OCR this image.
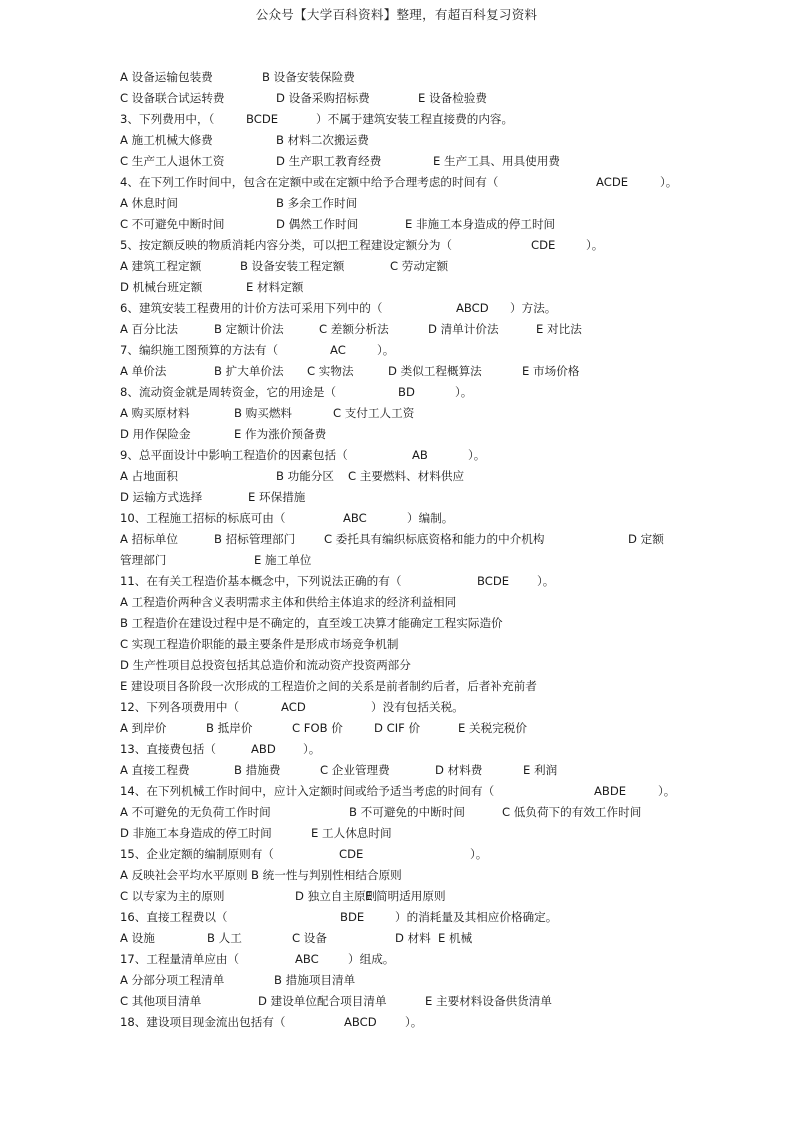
公众号【大学百科资料】整理，有超百科复习资料
A 设备运输包装费	B 设备安装保险费
C 设备联合试运转费	D 设备采购招标费	E 设备检验费
3、下列费用中，（	BCDE	）不属于建筑安装工程直接费的内容。
A 施工机械大修费	B 材料二次搬运费
C 生产工人退休工资	D 生产职工教育经费	E 生产工具、用具使用费
4、在下列工作时间中，包含在定额中或在定额中给予合理考虑的时间有（	ACDE	）。
A 休息时间	B 多余工作时间
C 不可避免中断时间	D 偶然工作时间	E 非施工本身造成的停工时间
5、按定额反映的物质消耗内容分类，可以把工程建设定额分为（	CDE	）。
A 建筑工程定额	B 设备安装工程定额	C 劳动定额
D 机械台班定额	E 材料定额
6、建筑安装工程费用的计价方法可采用下列中的（	ABCD ）方法。
A 百分比法	B 定额计价法	C 差额分析法	D 清单计价法	E 对比法
7、编织施工图预算的方法有（	AC	）。
A 单价法	B 扩大单价法 C 实物法	D 类似工程概算法	E 市场价格
8、流动资金就是周转资金，它的用途是（	BD	）。
A 购买原材料	B 购买燃料	C 支付工人工资
D 用作保险金	E 作为涨价预备费
9、总平面设计中影响工程造价的因素包括（	AB	）。
A 占地面积	B 功能分区 C 主要燃料、材料供应
D 运输方式选择	E 环保措施
10、工程施工招标的标底可由（	ABC	）编制。
A 招标单位	B 招标管理部门 C 委托具有编织标底资格和能力的中介机构	D 定额
管理部门	E 施工单位
11、在有关工程造价基本概念中，下列说法正确的有（	BCDE ）。
A 工程造价两种含义表明需求主体和供给主体追求的经济利益相同
B 工程造价在建设过程中是不确定的，直至竣工决算才能确定工程实际造价
C 实现工程造价职能的最主要条件是形成市场竞争机制
D 生产性项目总投资包括其总造价和流动资产投资两部分
E 建设项目各阶段一次形成的工程造价之间的关系是前者制约后者，后者补充前者
12、下列各项费用中（	ACD	）没有包括关税。
A 到岸价	B 抵岸价	C FOB 价	D CIF 价	E 关税完税价
13、直接费包括（	ABD ）。
A 直接工程费	B 措施费	C 企业管理费	D 材料费	E 利润
14、在下列机械工作时间中，应计入定额时间或给予适当考虑的时间有（	ABDE	）。
A 不可避免的无负荷工作时间	B 不可避免的中断时间	C 低负荷下的有效工作时间
D 非施工本身造成的停工时间	E 工人休息时间
15、企业定额的编制原则有（	CDE	）。
A 反映社会平均水平原则 B 统一性与判别性相结合原则
C 以专家为主的原则	D 独立自主原则
E 简明适用原则
16、直接工程费以（	BDE	）的消耗量及其相应价格确定。
A 设施	B 人工	C 设备	D 材料 E 机械
17、工程量清单应由（	ABC	）组成。
A 分部分项工程清单	B 措施项目清单
C 其他项目清单	D 建设单位配合项目清单	E 主要材料设备供货清单
18、建设项目现金流出包括有（	ABCD ）。
